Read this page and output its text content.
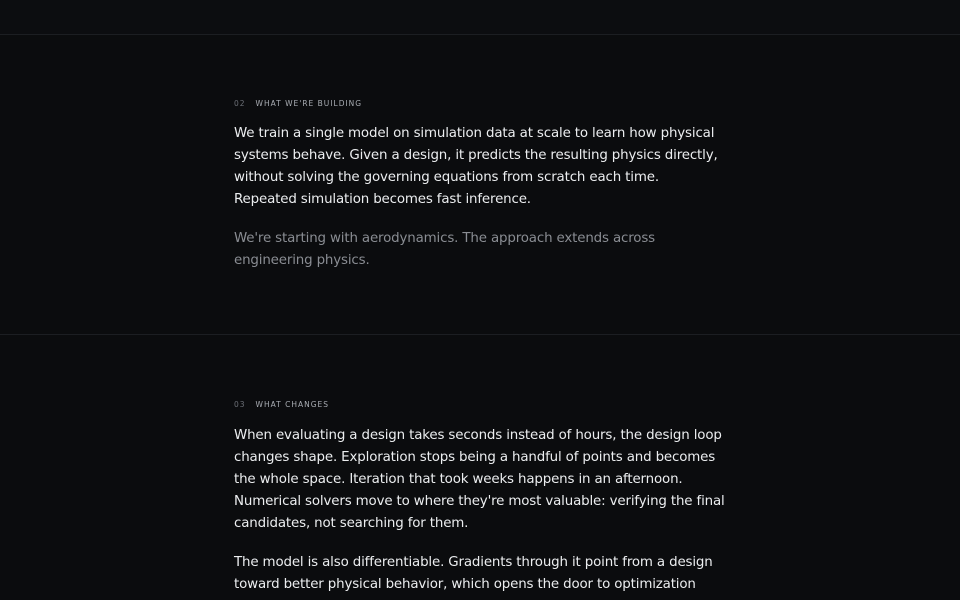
02 WHAT WE'RE BUILDING

We train a single model on simulation data at scale to learn how physical systems behave. Given a design, it predicts the resulting physics directly, without solving the governing equations from scratch each time. Repeated simulation becomes fast inference.

We're starting with aerodynamics. The approach extends across engineering physics.

03 WHAT CHANGES

When evaluating a design takes seconds instead of hours, the design loop changes shape. Exploration stops being a handful of points and becomes the whole space. Iteration that took weeks happens in an afternoon. Numerical solvers move to where they're most valuable: verifying the final candidates, not searching for them.

The model is also differentiable. Gradients through it point from a design toward better physical behavior, which opens the door to optimization
